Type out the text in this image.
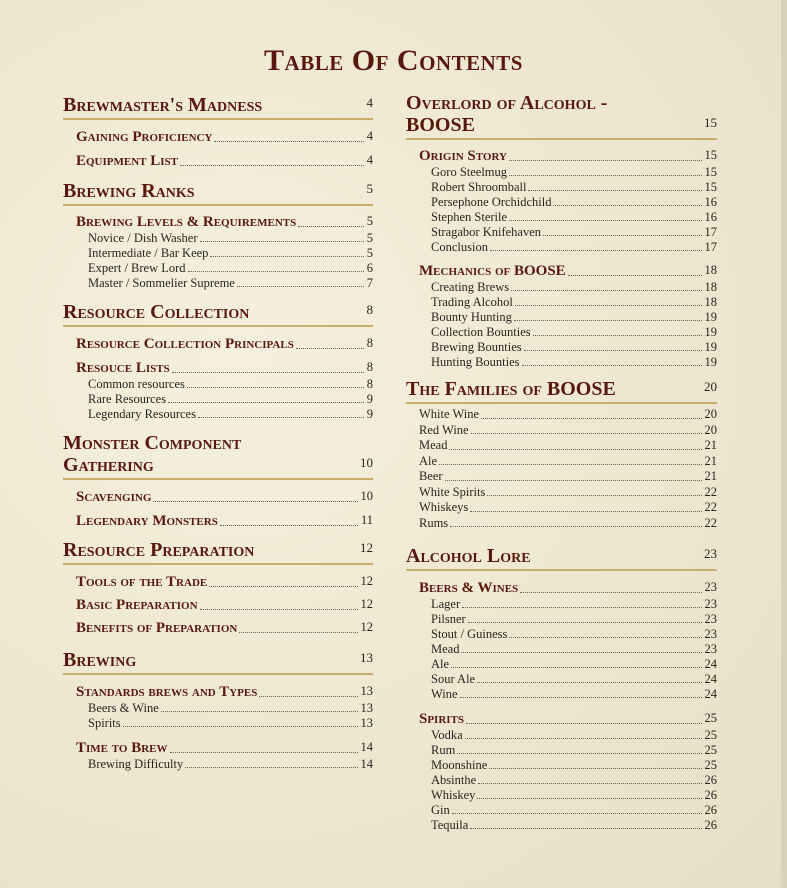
Table Of Contents
Brewmaster's Madness	4
Gaining Proficiency	4
Equipment List	4
Brewing Ranks	5
Brewing Levels & Requirements	5
Novice / Dish Washer	5
Intermediate / Bar Keep	5
Expert / Brew Lord	6
Master / Sommelier Supreme	7
Resource Collection	8
Resource Collection Principals	8
Resouce Lists	8
Common resources	8
Rare Resources	9
Legendary Resources	9
Monster Component Gathering	10
Scavenging	10
Legendary Monsters	11
Resource Preparation	12
Tools of the Trade	12
Basic Preparation	12
Benefits of Preparation	12
Brewing	13
Standards brews and Types	13
Beers & Wine	13
Spirits	13
Time to Brew	14
Brewing Difficulty	14
Overlord of Alcohol - BOOSE	15
Origin Story	15
Goro Steelmug	15
Robert Shroomball	15
Persephone Orchidchild	16
Stephen Sterile	16
Stragabor Knifehaven	17
Conclusion	17
Mechanics of BOOSE	18
Creating Brews	18
Trading Alcohol	18
Bounty Hunting	19
Collection Bounties	19
Brewing Bounties	19
Hunting Bounties	19
The Families of BOOSE	20
White Wine	20
Red Wine	20
Mead	21
Ale	21
Beer	21
White Spirits	22
Whiskeys	22
Rums	22
Alcohol Lore	23
Beers & Wines	23
Lager	23
Pilsner	23
Stout / Guiness	23
Mead	23
Ale	24
Sour Ale	24
Wine	24
Spirits	25
Vodka	25
Rum	25
Moonshine	25
Absinthe	26
Whiskey	26
Gin	26
Tequila	26
